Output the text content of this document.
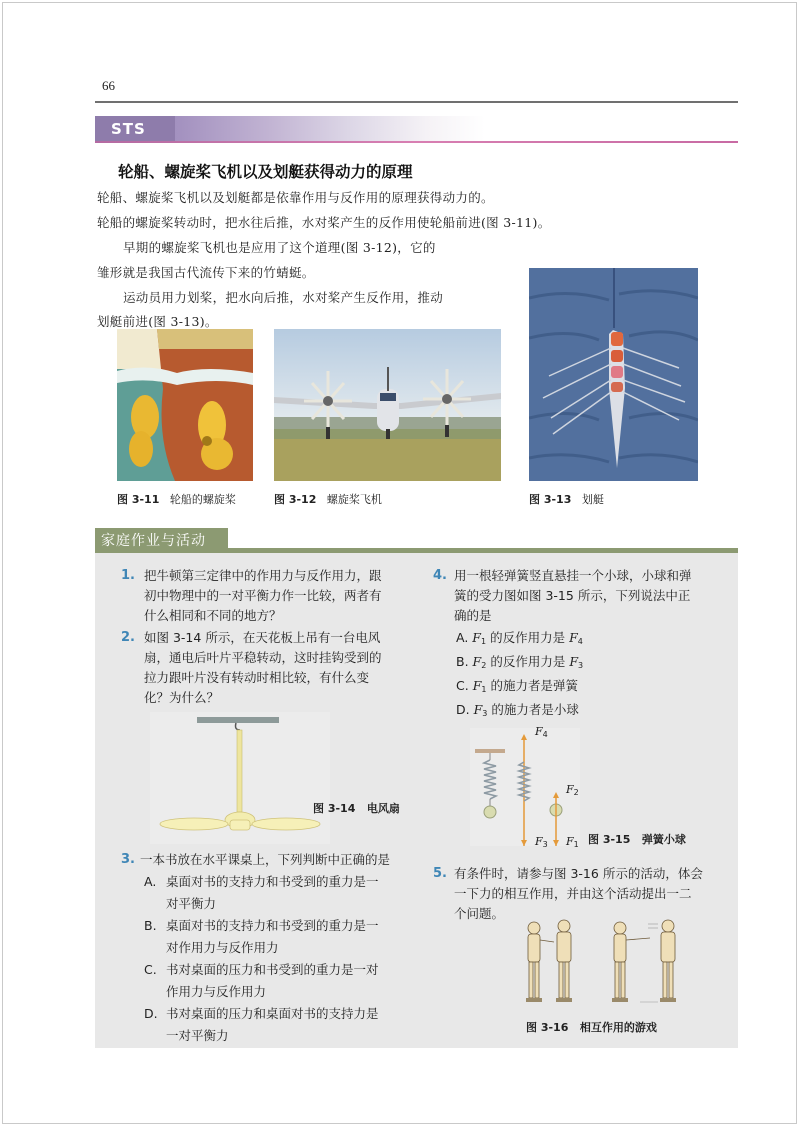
66
STS
轮船、螺旋桨飞机以及划艇获得动力的原理
轮船、螺旋桨飞机以及划艇都是依靠作用与反作用的原理获得动力的。
轮船的螺旋桨转动时，把水往后推，水对桨产生的反作用使轮船前进(图 3-11)。
早期的螺旋桨飞机也是应用了这个道理(图 3-12)，它的
雏形就是我国古代流传下来的竹蜻蜓。
运动员用力划桨，把水向后推，水对桨产生反作用，推动
划艇前进(图 3-13)。
图 3-11 轮船的螺旋桨	图 3-12 螺旋桨飞机	图 3-13 划艇
家庭作业与活动
1. 把牛顿第三定律中的作用力与反作用力，跟
初中物理中的一对平衡力作一比较，两者有
什么相同和不同的地方？
2. 如图 3-14 所示，在天花板上吊有一台电风
扇，通电后叶片平稳转动，这时挂钩受到的
拉力跟叶片没有转动时相比较，有什么变
化？为什么？
图 3-14 电风扇
3. 一本书放在水平课桌上，下列判断中正确的是
A. 桌面对书的支持力和书受到的重力是一
对平衡力
B. 桌面对书的支持力和书受到的重力是一
对作用力与反作用力
C. 书对桌面的压力和书受到的重力是一对
作用力与反作用力
D. 书对桌面的压力和桌面对书的支持力是
一对平衡力
4. 用一根轻弹簧竖直悬挂一个小球，小球和弹
簧的受力图如图 3-15 所示，下列说法中正
确的是
A. $F_1$ 的反作用力是 $F_4$
B. $F_2$ 的反作用力是 $F_3$
C. $F_1$ 的施力者是弹簧
D. $F_3$ 的施力者是小球
$F_4$
$F_2$
$F_3$ $F_1$ 图 3-15 弹簧小球
5. 有条件时，请参与图 3-16 所示的活动，体会
一下力的相互作用，并由这个活动提出一二
个问题。
图 3-16 相互作用的游戏
